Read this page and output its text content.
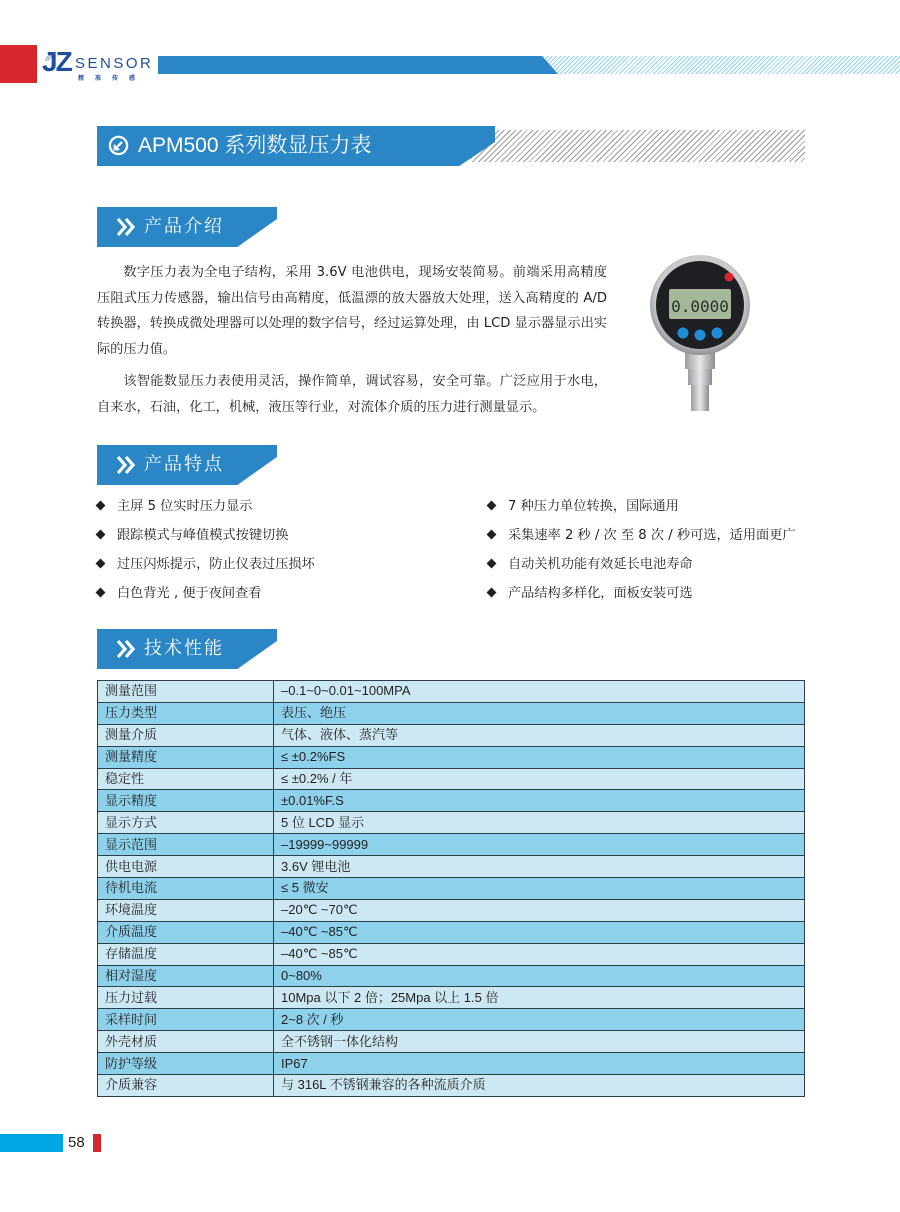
JZ SENSOR
精准传感
APM500 系列数显压力表
产品介绍

数字压力表为全电子结构，采用 3.6V 电池供电，现场安装简易。前端采用高精度压阻式压力传感器，输出信号由高精度，低温漂的放大器放大处理，送入高精度的 A/D 转换器，转换成微处理器可以处理的数字信号，经过运算处理，由 LCD 显示器显示出实际的压力值。

该智能数显压力表使用灵活，操作简单，调试容易，安全可靠。广泛应用于水电，自来水，石油，化工，机械，液压等行业，对流体介质的压力进行测量显示。

0.0000
产品特点
主屏 5 位实时压力显示
跟踪模式与峰值模式按键切换
过压闪烁提示，防止仪表过压损坏
白色背光 , 便于夜间查看
7 种压力单位转换，国际通用
采集速率 2 秒 / 次 至 8 次 / 秒可选，适用面更广
自动关机功能有效延长电池寿命
产品结构多样化，面板安装可选
技术性能
测量范围	–0.1~0~0.01~100MPA
压力类型	表压、绝压
测量介质	气体、液体、蒸汽等
测量精度	≤ ±0.2%FS
稳定性	≤ ±0.2% / 年
显示精度	±0.01%F.S
显示方式	5 位 LCD 显示
显示范围	–19999~99999
供电电源	3.6V 锂电池
待机电流	≤ 5 微安
环境温度	–20℃ ~70℃
介质温度	–40℃ ~85℃
存储温度	–40℃ ~85℃
相对湿度	0~80%
压力过载	10Mpa 以下 2 倍；25Mpa 以上 1.5 倍
采样时间	2~8 次 / 秒
外壳材质	全不锈钢一体化结构
防护等级	IP67
介质兼容	与 316L 不锈钢兼容的各种流质介质
58
